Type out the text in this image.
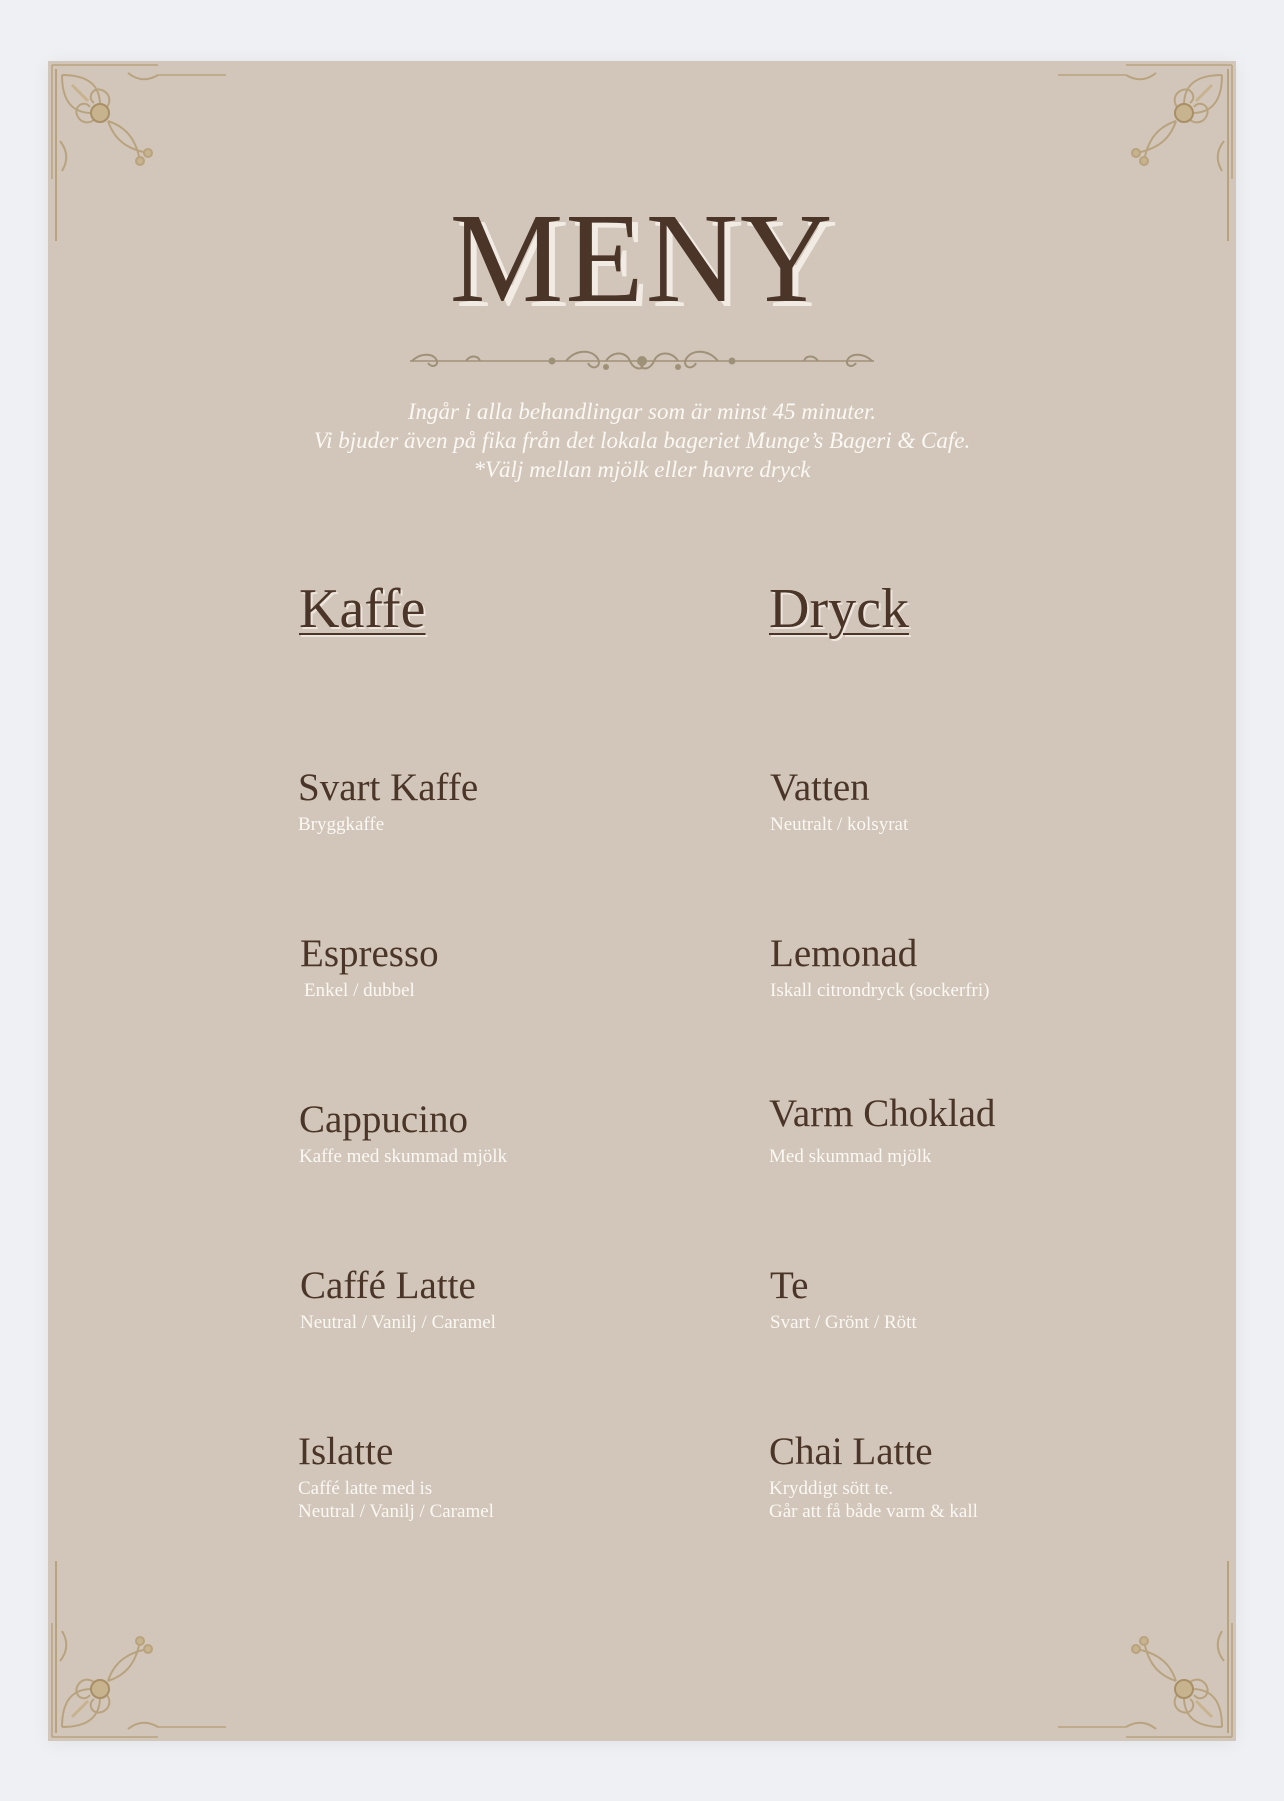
MENY
Ingår i alla behandlingar som är minst 45 minuter.
Vi bjuder även på fika från det lokala bageriet Munge’s Bageri & Cafe.
*Välj mellan mjölk eller havre dryck
Kaffe	Dryck
Svart Kaffe
Bryggkaffe
Espresso
Enkel / dubbel
Cappucino
Kaffe med skummad mjölk
Caffé Latte
Neutral / Vanilj / Caramel
Islatte
Caffé latte med is
Neutral / Vanilj / Caramel
Vatten
Neutralt / kolsyrat
Lemonad
Iskall citrondryck (sockerfri)
Varm Choklad
Med skummad mjölk
Te
Svart / Grönt / Rött
Chai Latte
Kryddigt sött te.
Går att få både varm & kall
